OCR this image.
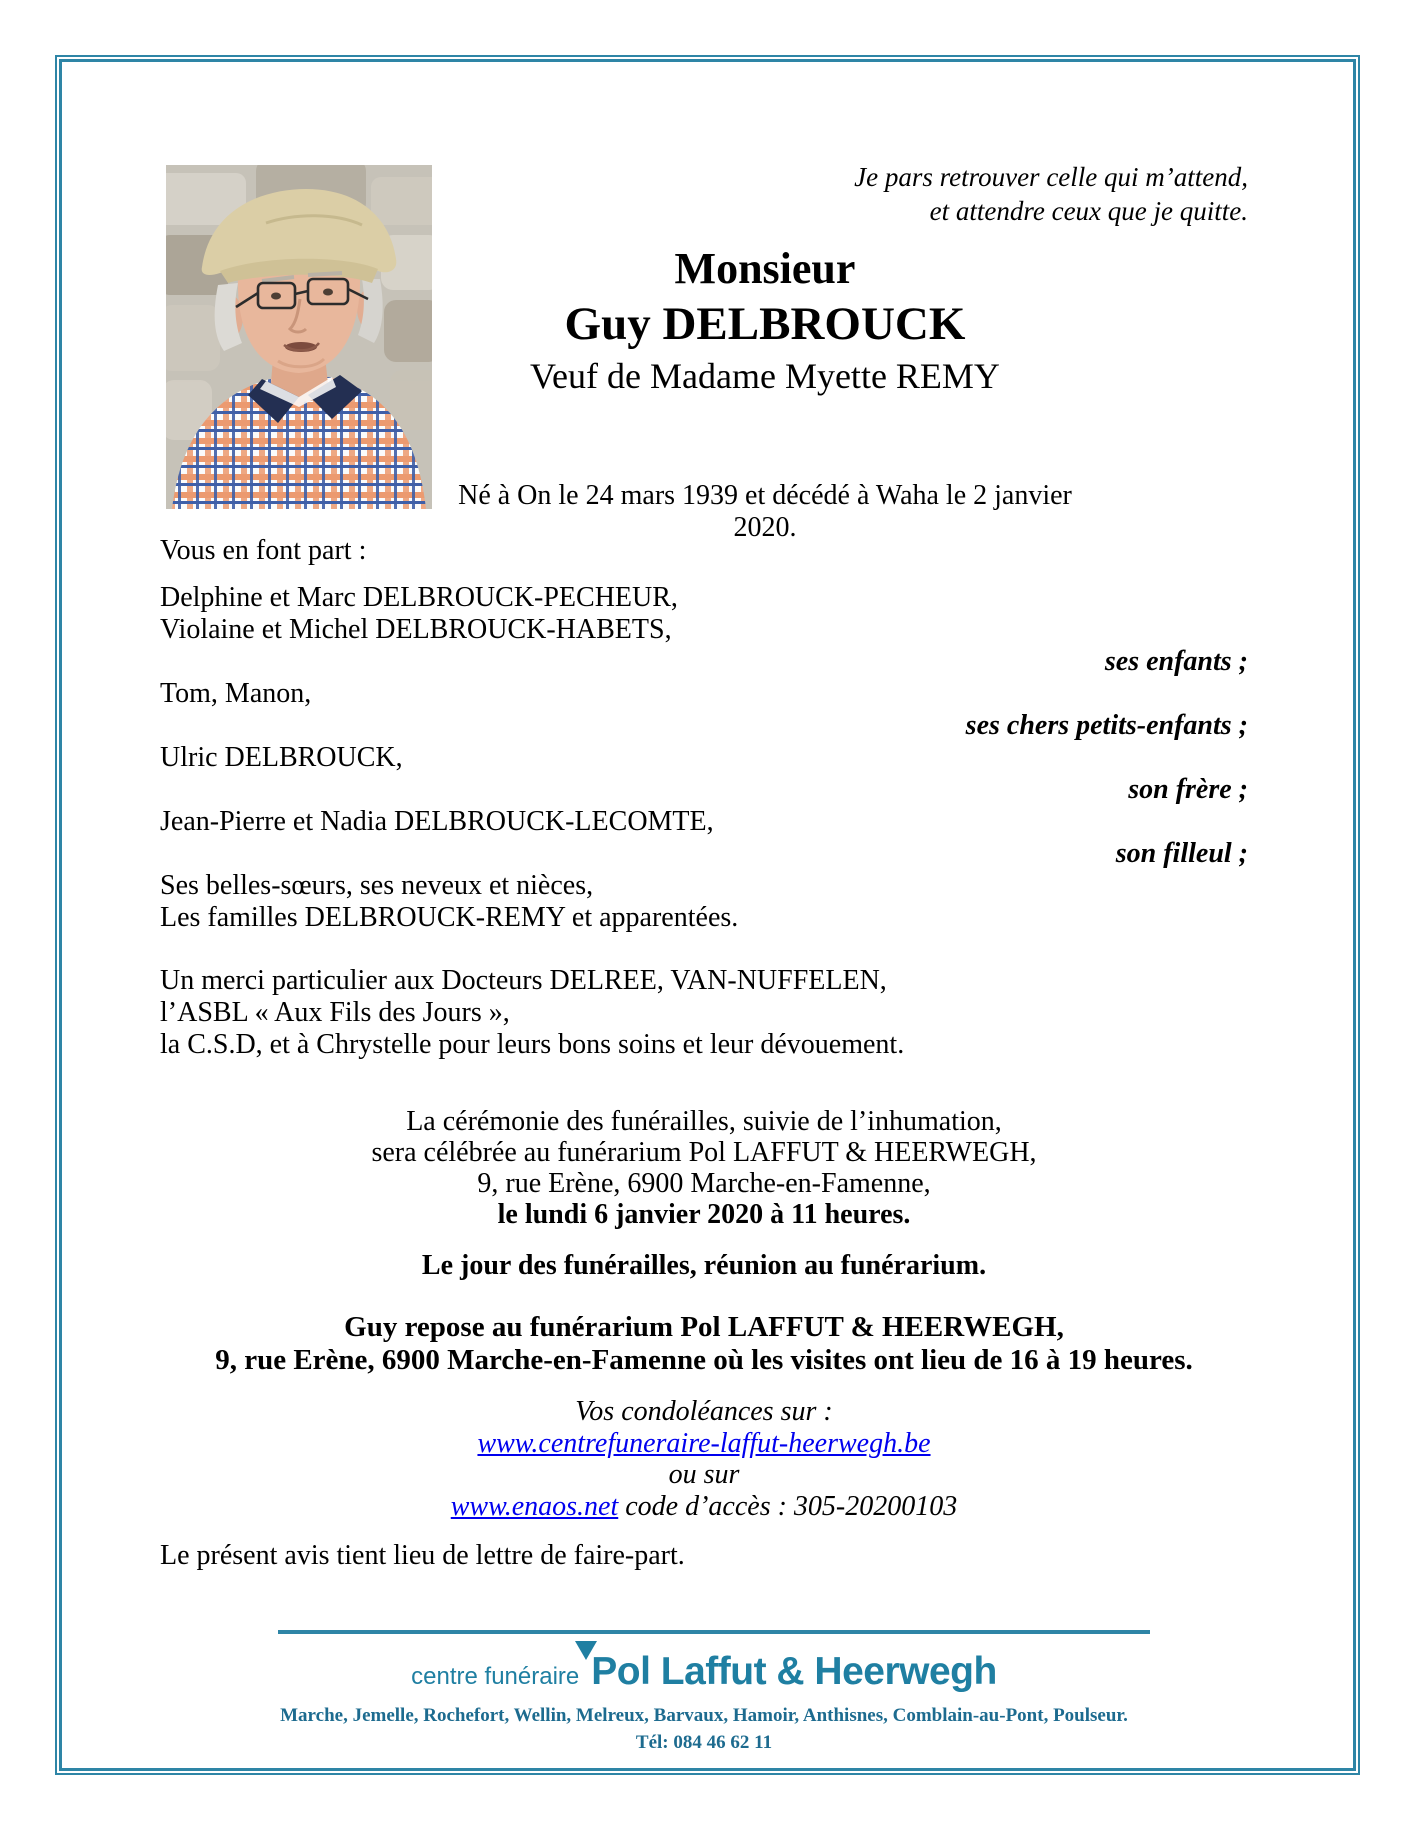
Je pars retrouver celle qui m’attend,
et attendre ceux que je quitte.
Monsieur
Guy DELBROUCK
Veuf de Madame Myette REMY
Né à On le 24 mars 1939 et décédé à Waha le 2 janvier 2020.

Vous en font part :

Delphine et Marc DELBROUCK-PECHEUR,
Violaine et Michel DELBROUCK-HABETS,
ses enfants ;
Tom, Manon,
ses chers petits-enfants ;
Ulric DELBROUCK,
son frère ;
Jean-Pierre et Nadia DELBROUCK-LECOMTE,
son filleul ;
Ses belles-sœurs, ses neveux et nièces,
Les familles DELBROUCK-REMY et apparentées.
Un merci particulier aux Docteurs DELREE, VAN-NUFFELEN,
l’ASBL « Aux Fils des Jours »,
la C.S.D, et à Chrystelle pour leurs bons soins et leur dévouement.
La cérémonie des funérailles, suivie de l’inhumation,
sera célébrée au funérarium Pol LAFFUT & HEERWEGH,
9, rue Erène, 6900 Marche-en-Famenne,
le lundi 6 janvier 2020 à 11 heures.
Le jour des funérailles, réunion au funérarium.
Guy repose au funérarium Pol LAFFUT & HEERWEGH,
9, rue Erène, 6900 Marche-en-Famenne où les visites ont lieu de 16 à 19 heures.
Vos condoléances sur :
www.centrefuneraire-laffut-heerwegh.be
ou sur
www.enaos.net code d’accès : 305-20200103
Le présent avis tient lieu de lettre de faire-part.
centre funéraire Pol Laffut & Heerwegh
Marche, Jemelle, Rochefort, Wellin, Melreux, Barvaux, Hamoir, Anthisnes, Comblain-au-Pont, Poulseur.
Tél: 084 46 62 11
